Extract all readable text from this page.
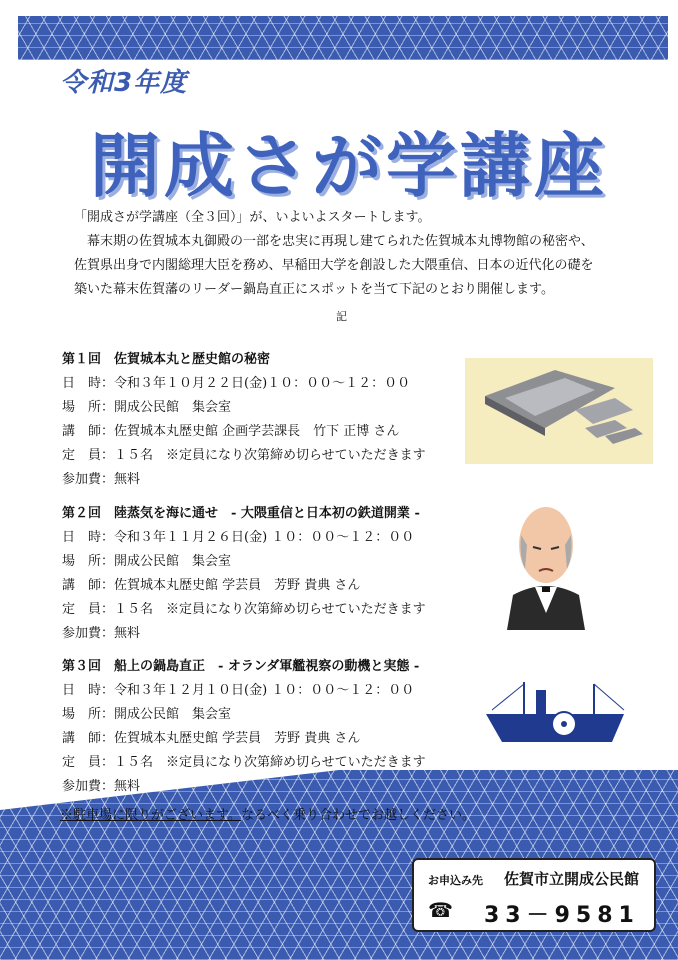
令和3年度
開成さが学講座

「開成さが学講座（全３回）」が、いよいよスタートします。

　幕末期の佐賀城本丸御殿の一部を忠実に再現し建てられた佐賀城本丸博物館の秘密や、

佐賀県出身で内閣総理大臣を務め、早稲田大学を創設した大隈重信、日本の近代化の礎を

築いた幕末佐賀藩のリーダー鍋島直正にスポットを当て下記のとおり開催します。

記
第１回　佐賀城本丸と歴史館の秘密
日　時：令和３年１０月２２日(金)１０：００～１２：００
場　所：開成公民館　集会室
講　師：佐賀城本丸歴史館 企画学芸課長　竹下 正博 さん
定　員：１５名　※定員になり次第締め切らせていただきます
参加費：無料
第２回　陸蒸気を海に通せ　- 大隈重信と日本初の鉄道開業 -
日　時：令和３年１１月２６日(金) １０：００～１２：００
場　所：開成公民館　集会室
講　師：佐賀城本丸歴史館 学芸員　芳野 貴典 さん
定　員：１５名　※定員になり次第締め切らせていただきます
参加費：無料
第３回　船上の鍋島直正　- オランダ軍艦視察の動機と実態 -
日　時：令和３年１２月１０日(金) １０：００～１２：００
場　所：開成公民館　集会室
講　師：佐賀城本丸歴史館 学芸員　芳野 貴典 さん
定　員：１５名　※定員になり次第締め切らせていただきます
参加費：無料
※駐車場に限りがございます。なるべく乗り合わせでお越しください。
お申込み先 佐賀市立開成公民館
☎ 33－9581
